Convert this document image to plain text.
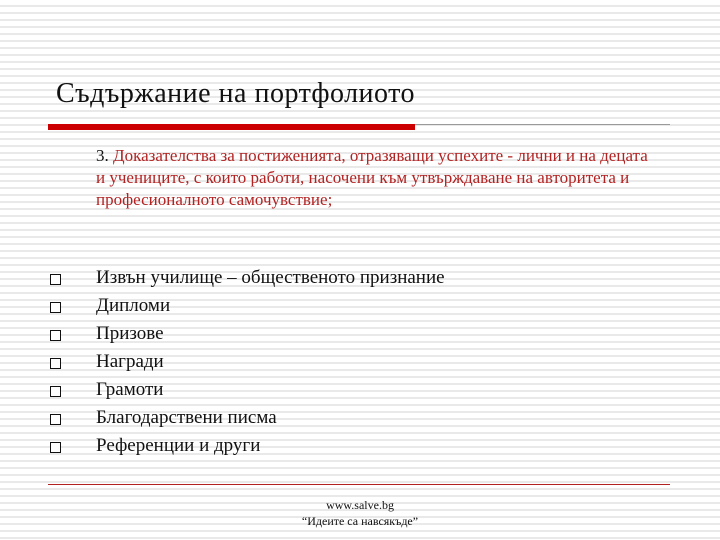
Съдържание на портфолиото

3. Доказателства за постиженията, отразяващи успехите - лични и на децата и учениците, с които работи, насочени към утвърждаване на авторитета и професионалното самочувствие;

Извън училище – общественото признание
Дипломи
Призове
Награди
Грамоти
Благодарствени писма
Референции и други

www.salve.bg

“Идеите са навсякъде”
